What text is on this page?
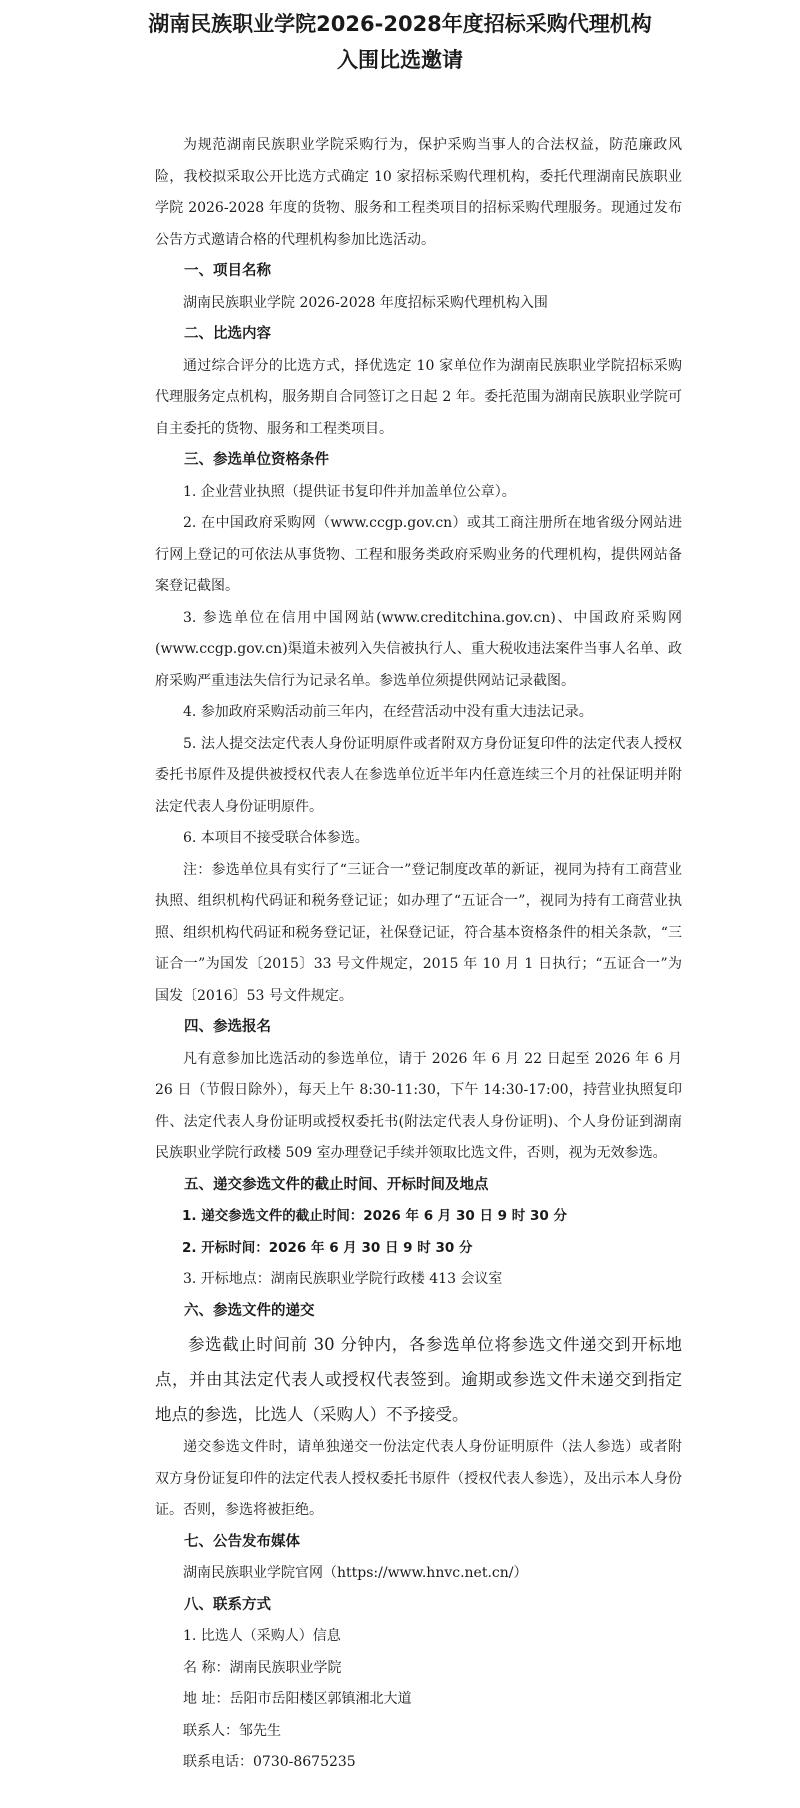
湖南民族职业学院2026-2028年度招标采购代理机构
入围比选邀请

为规范湖南民族职业学院采购行为，保护采购当事人的合法权益，防范廉政风险，我校拟采取公开比选方式确定 10 家招标采购代理机构，委托代理湖南民族职业学院 2026-2028 年度的货物、服务和工程类项目的招标采购代理服务。现通过发布公告方式邀请合格的代理机构参加比选活动。

一、项目名称

湖南民族职业学院 2026-2028 年度招标采购代理机构入围

二、比选内容

通过综合评分的比选方式，择优选定 10 家单位作为湖南民族职业学院招标采购代理服务定点机构，服务期自合同签订之日起 2 年。委托范围为湖南民族职业学院可自主委托的货物、服务和工程类项目。

三、参选单位资格条件

1. 企业营业执照（提供证书复印件并加盖单位公章）。

2. 在中国政府采购网（www.ccgp.gov.cn）或其工商注册所在地省级分网站进行网上登记的可依法从事货物、工程和服务类政府采购业务的代理机构，提供网站备案登记截图。

3. 参选单位在信用中国网站(www.creditchina.gov.cn)、中国政府采购网(www.ccgp.gov.cn)渠道未被列入失信被执行人、重大税收违法案件当事人名单、政府采购严重违法失信行为记录名单。参选单位须提供网站记录截图。

4. 参加政府采购活动前三年内，在经营活动中没有重大违法记录。

5. 法人提交法定代表人身份证明原件或者附双方身份证复印件的法定代表人授权委托书原件及提供被授权代表人在参选单位近半年内任意连续三个月的社保证明并附法定代表人身份证明原件。

6. 本项目不接受联合体参选。

注：参选单位具有实行了“三证合一”登记制度改革的新证，视同为持有工商营业执照、组织机构代码证和税务登记证；如办理了“五证合一”，视同为持有工商营业执照、组织机构代码证和税务登记证，社保登记证，符合基本资格条件的相关条款，“三证合一”为国发〔2015〕33 号文件规定，2015 年 10 月 1 日执行；“五证合一”为国发〔2016〕53 号文件规定。

四、参选报名

凡有意参加比选活动的参选单位，请于 2026 年 6 月 22 日起至 2026 年 6 月 26 日（节假日除外），每天上午 8:30-11:30，下午 14:30-17:00，持营业执照复印件、法定代表人身份证明或授权委托书(附法定代表人身份证明)、个人身份证到湖南民族职业学院行政楼 509 室办理登记手续并领取比选文件，否则，视为无效参选。

五、递交参选文件的截止时间、开标时间及地点

1. 递交参选文件的截止时间：2026 年 6 月 30 日 9 时 30 分

2. 开标时间：2026 年 6 月 30 日 9 时 30 分

3. 开标地点：湖南民族职业学院行政楼 413 会议室

六、参选文件的递交

参选截止时间前 30 分钟内，各参选单位将参选文件递交到开标地点，并由其法定代表人或授权代表签到。逾期或参选文件未递交到指定地点的参选，比选人（采购人）不予接受。

递交参选文件时，请单独递交一份法定代表人身份证明原件（法人参选）或者附双方身份证复印件的法定代表人授权委托书原件（授权代表人参选），及出示本人身份证。否则，参选将被拒绝。

七、公告发布媒体

湖南民族职业学院官网（https://www.hnvc.net.cn/）

八、联系方式

1. 比选人（采购人）信息

名 称：湖南民族职业学院

地 址：岳阳市岳阳楼区郭镇湘北大道

联系人：邹先生

联系电话：0730-8675235
